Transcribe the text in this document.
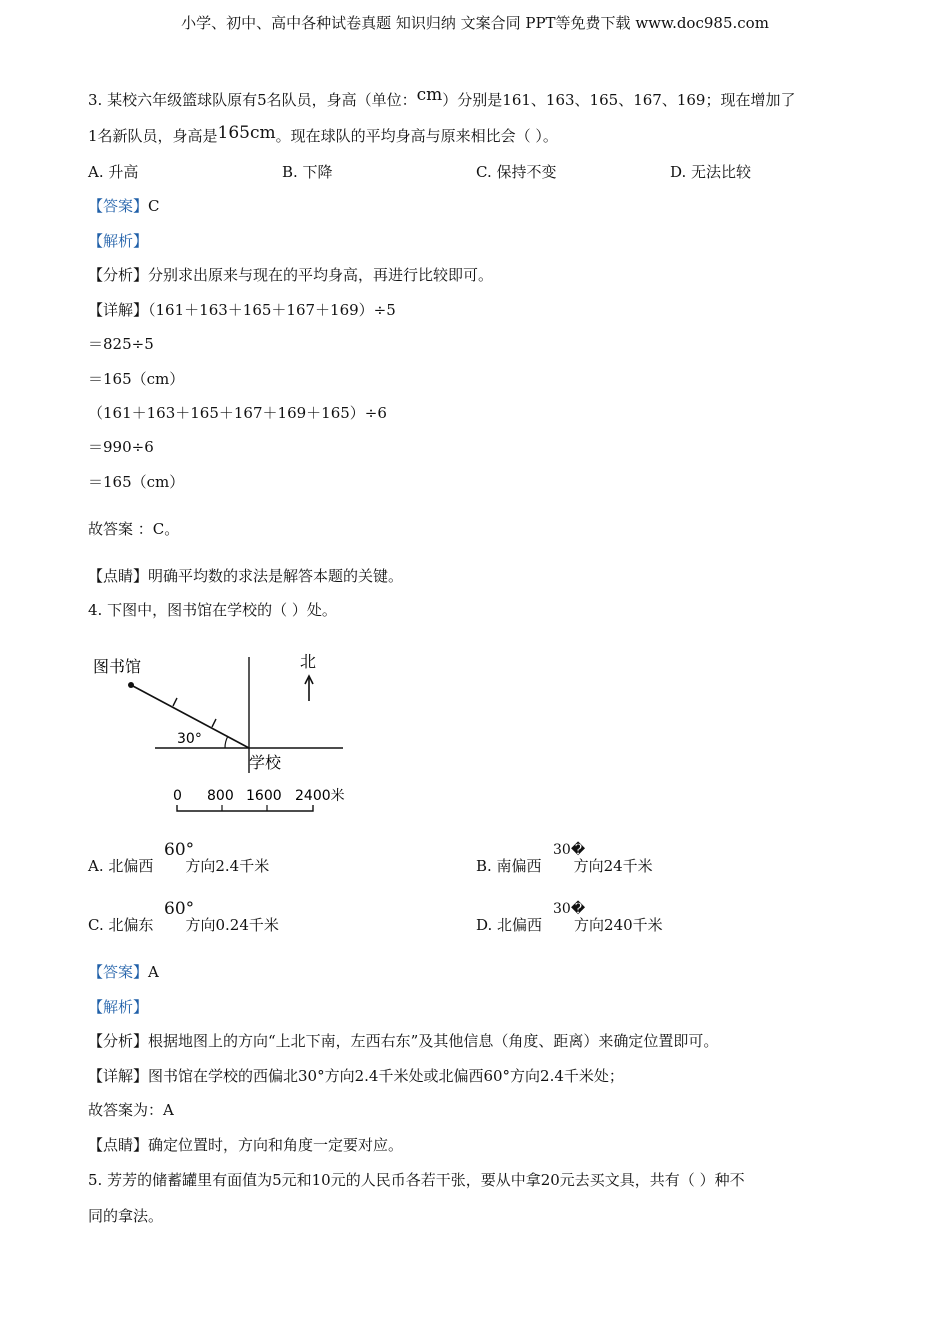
小学、初中、高中各种试卷真题 知识归纳 文案合同 PPT等免费下载 www.doc985.com
3. 某校六年级篮球队原有5名队员，身高（单位：cm）分别是161、163、165、167、169；现在增加了
1名新队员，身高是165cm。现在球队的平均身高与原来相比会（ ）。
A. 升高	B. 下降	C. 保持不变	D. 无法比较
【答案】C
【解析】
【分析】分别求出原来与现在的平均身高，再进行比较即可。
【详解】（161＋163＋165＋167＋169）÷5
＝825÷5
＝165（cm）
（161＋163＋165＋167＋169＋165）÷6
＝990÷6
＝165（cm）
故答案 ：C。
【点睛】明确平均数的求法是解答本题的关键。
4. 下图中，图书馆在学校的（ ）处。
图书馆
30°
北
学校
0 800 1600 2400米
A. 北偏西 方向2.4千米
60°
B. 南偏西 方向24千米
30�
C. 北偏东 方向0.24千米
60°
D. 北偏西 方向240千米
30�
【答案】A
【解析】
【分析】根据地图上的方向“上北下南，左西右东”及其他信息（角度、距离）来确定位置即可。
【详解】图书馆在学校的西偏北30°方向2.4千米处或北偏西60°方向2.4千米处；
故答案为：A
【点睛】确定位置时，方向和角度一定要对应。
5. 芳芳的储蓄罐里有面值为5元和10元的人民币各若干张，要从中拿20元去买文具，共有（ ）种不
同的拿法。
